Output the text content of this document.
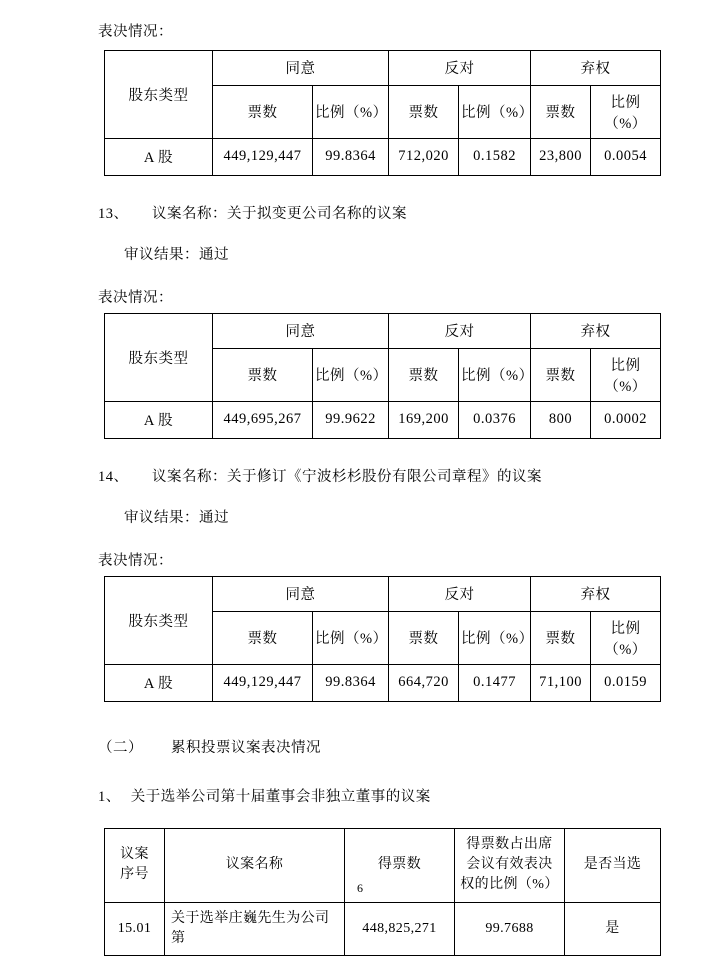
表决情况：
股东类型	同意		反对		弃权	
	票数	比例（%）	票数	比例（%）	票数	比例（%）
A 股	449,129,447	99.8364	712,020	0.1582	23,800	0.0054
13、 议案名称：关于拟变更公司名称的议案
审议结果：通过
表决情况：
股东类型	同意		反对		弃权	
	票数	比例（%）	票数	比例（%）	票数	比例（%）
A 股	449,695,267	99.9622	169,200	0.0376	800	0.0002
14、 议案名称：关于修订《宁波杉杉股份有限公司章程》的议案
审议结果：通过
表决情况：
股东类型	同意		反对		弃权	
	票数	比例（%）	票数	比例（%）	票数	比例（%）
A 股	449,129,447	99.8364	664,720	0.1477	71,100	0.0159
（二） 累积投票议案表决情况
1、 关于选举公司第十届董事会非独立董事的议案
议案
序号	议案名称	得票数	得票数占出席
会议有效表决
权的比例（%）	是否当选
15.01	关于选举庄巍先生为公司第	448,825,271	99.7688	是
6
